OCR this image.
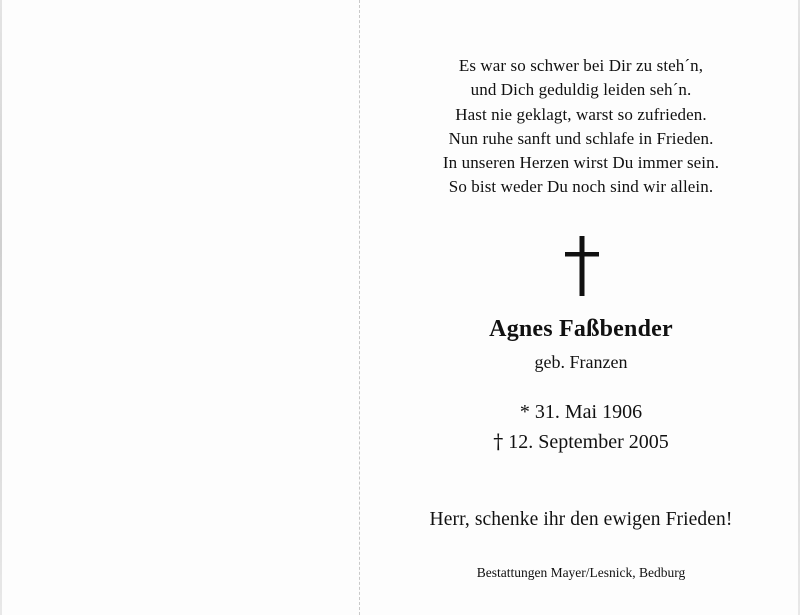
Es war so schwer bei Dir zu steh´n,
und Dich geduldig leiden seh´n.
Hast nie geklagt, warst so zufrieden.
Nun ruhe sanft und schlafe in Frieden.
In unseren Herzen wirst Du immer sein.
So bist weder Du noch sind wir allein.
Agnes Faßbender
geb. Franzen
* 31. Mai 1906
† 12. September 2005
Herr, schenke ihr den ewigen Frieden!
Bestattungen Mayer/Lesnick, Bedburg
